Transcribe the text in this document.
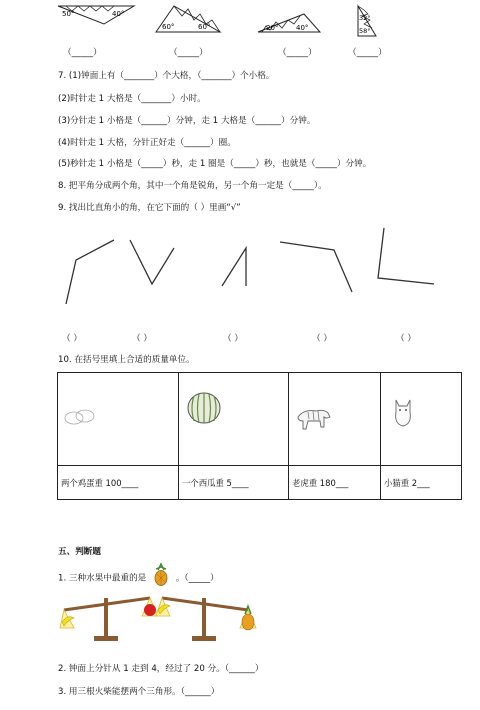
50°	40°
60°	60°	20°	40°
32°
58°
（_____）	（_____）	（_____）	（_____）
7. (1)钟面上有（_______）个大格，（_______）个小格。
(2)时针走 1 大格是（_______）小时。
(3)分针走 1 小格是（______）分钟，走 1 大格是（______）分钟。
(4)时针走 1 大格，分针正好走（______）圈。
(5)秒针走 1 小格是（_____）秒，走 1 圈是（_____）秒，也就是（_____）分钟。
8. 把平角分成两个角，其中一个角是锐角，另一个角一定是（_____）。
9. 找出比直角小的角，在它下面的（ ）里画“√”
（ ）	（ ）	（ ）	（ ）	（ ）
10. 在括号里填上合适的质量单位。

两个鸡蛋重 100____	一个西瓜重 5____	老虎重 180___	小猫重 2___
五、判断题
1. 三种水果中最重的是	。（_____）
2. 钟面上分针从 1 走到 4，经过了 20 分。（______）
3. 用三根火柴能摆两个三角形。（______）
